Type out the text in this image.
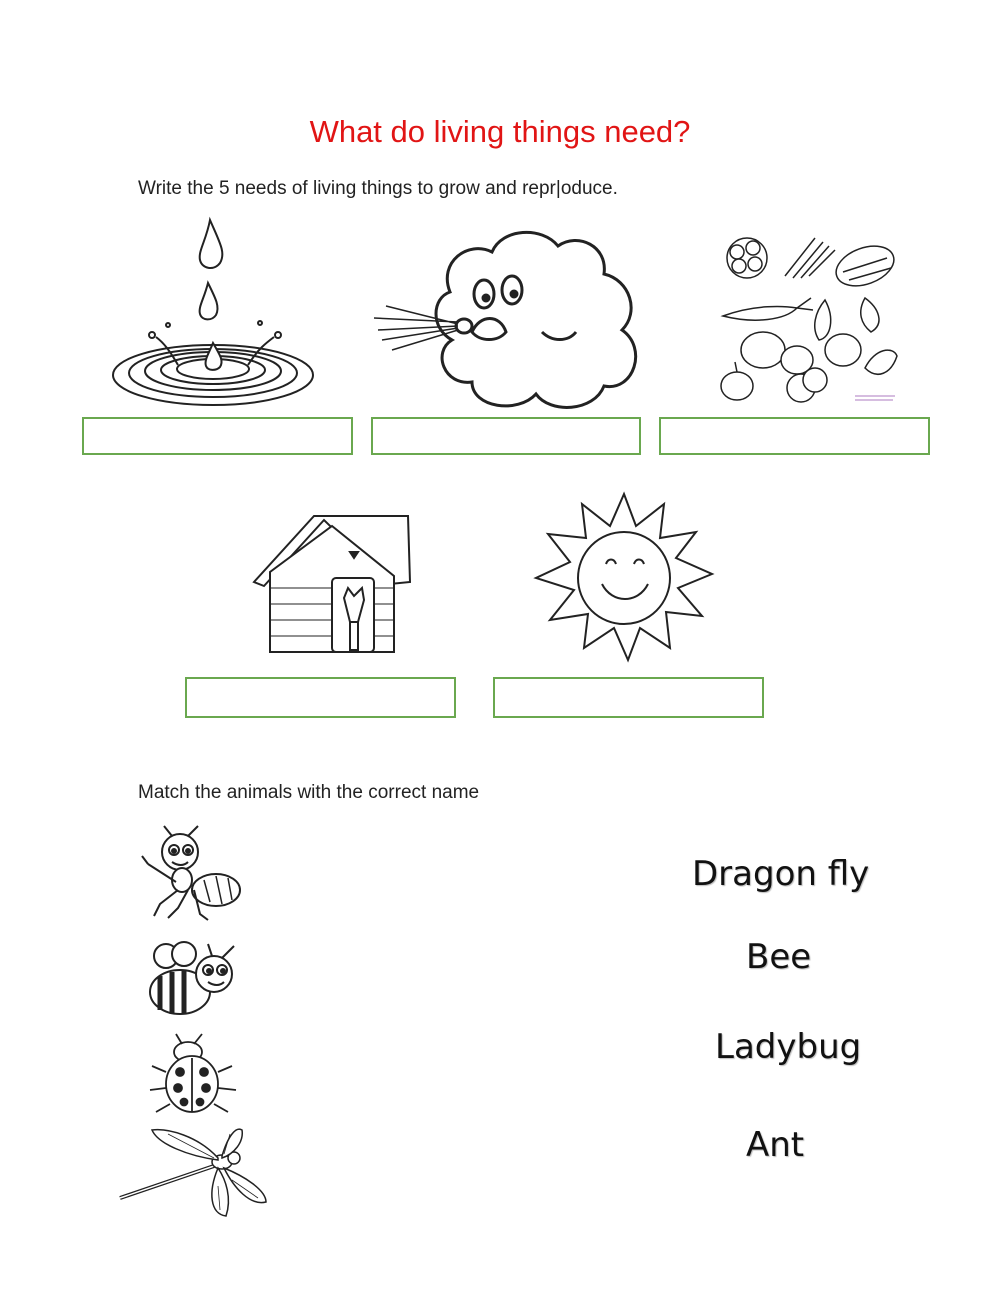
What do living things need?
Write the 5 needs of living things to grow and repr|oduce.
Match the animals with the correct name
Dragon fly
Bee
Ladybug
Ant
